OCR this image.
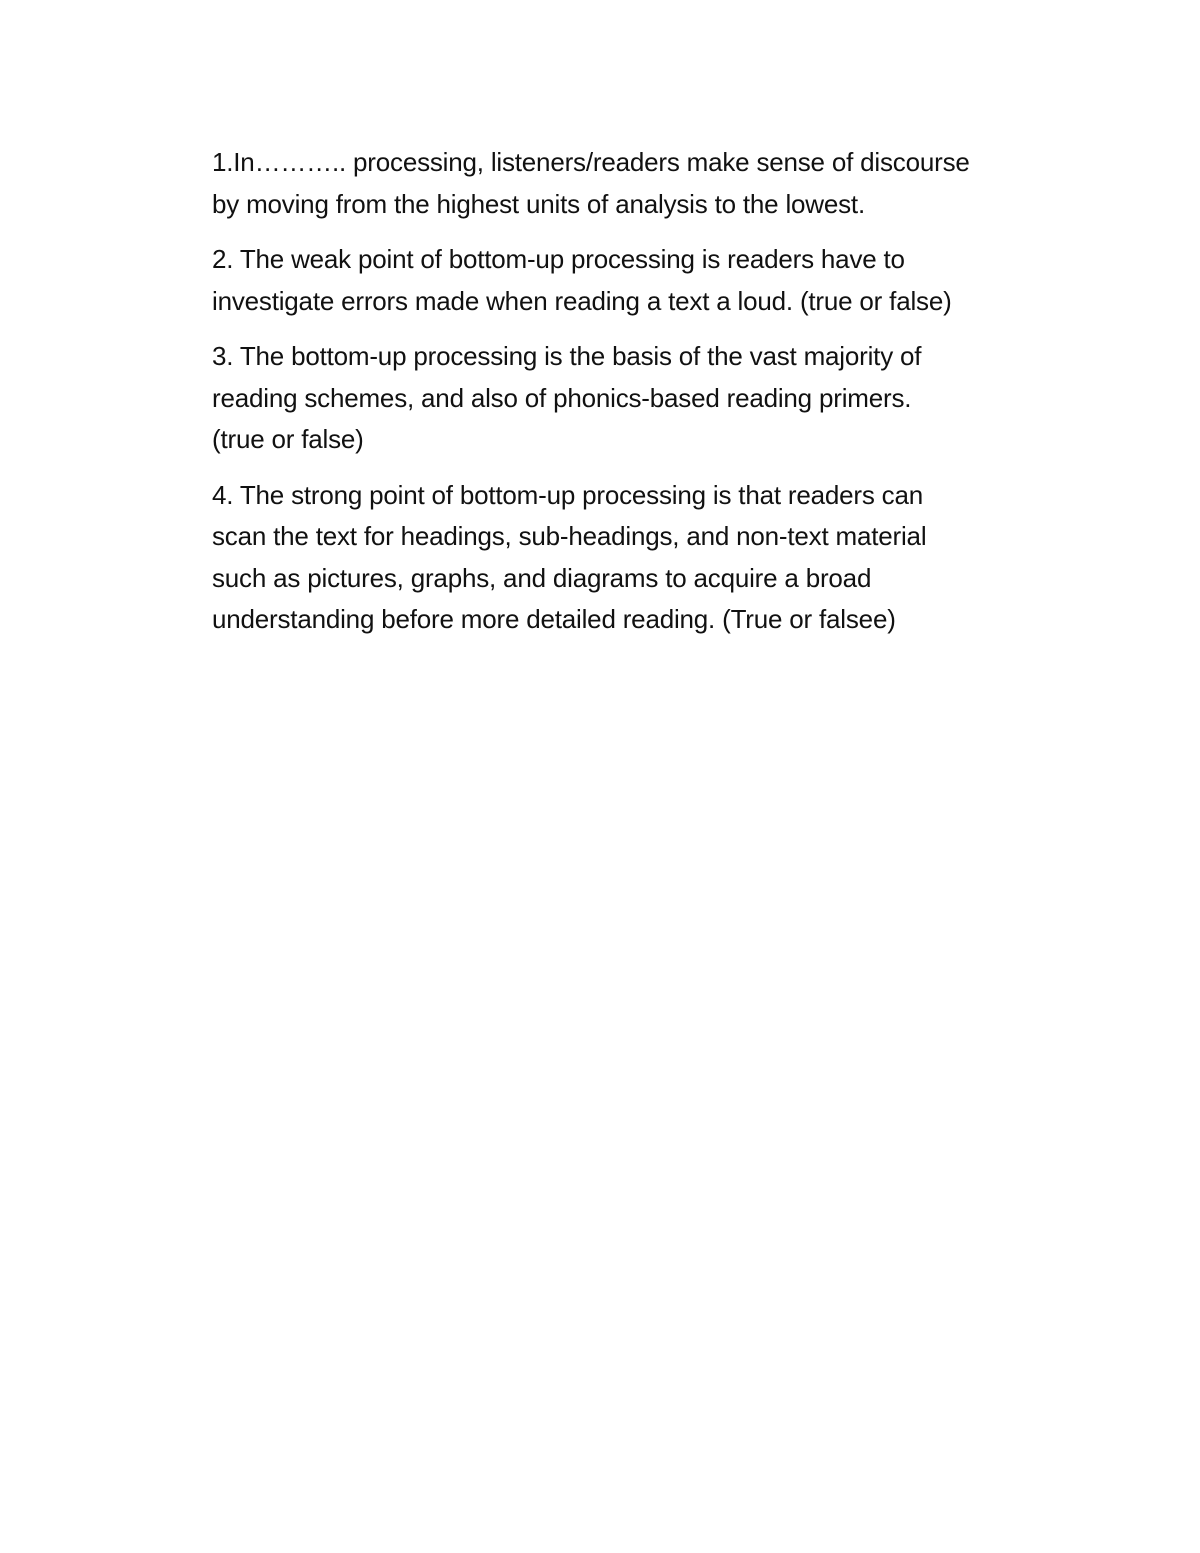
1.In……….. processing, listeners/readers make sense of discourse
by moving from the highest units of analysis to the lowest.

2. The weak point of bottom-up processing is readers have to
investigate errors made when reading a text a loud. (true or false)

3. The bottom-up processing is the basis of the vast majority of
reading schemes, and also of phonics-based reading primers.
(true or false)

4. The strong point of bottom-up processing is that readers can
scan the text for headings, sub-headings, and non-text material
such as pictures, graphs, and diagrams to acquire a broad
understanding before more detailed reading. (True or falsee)
